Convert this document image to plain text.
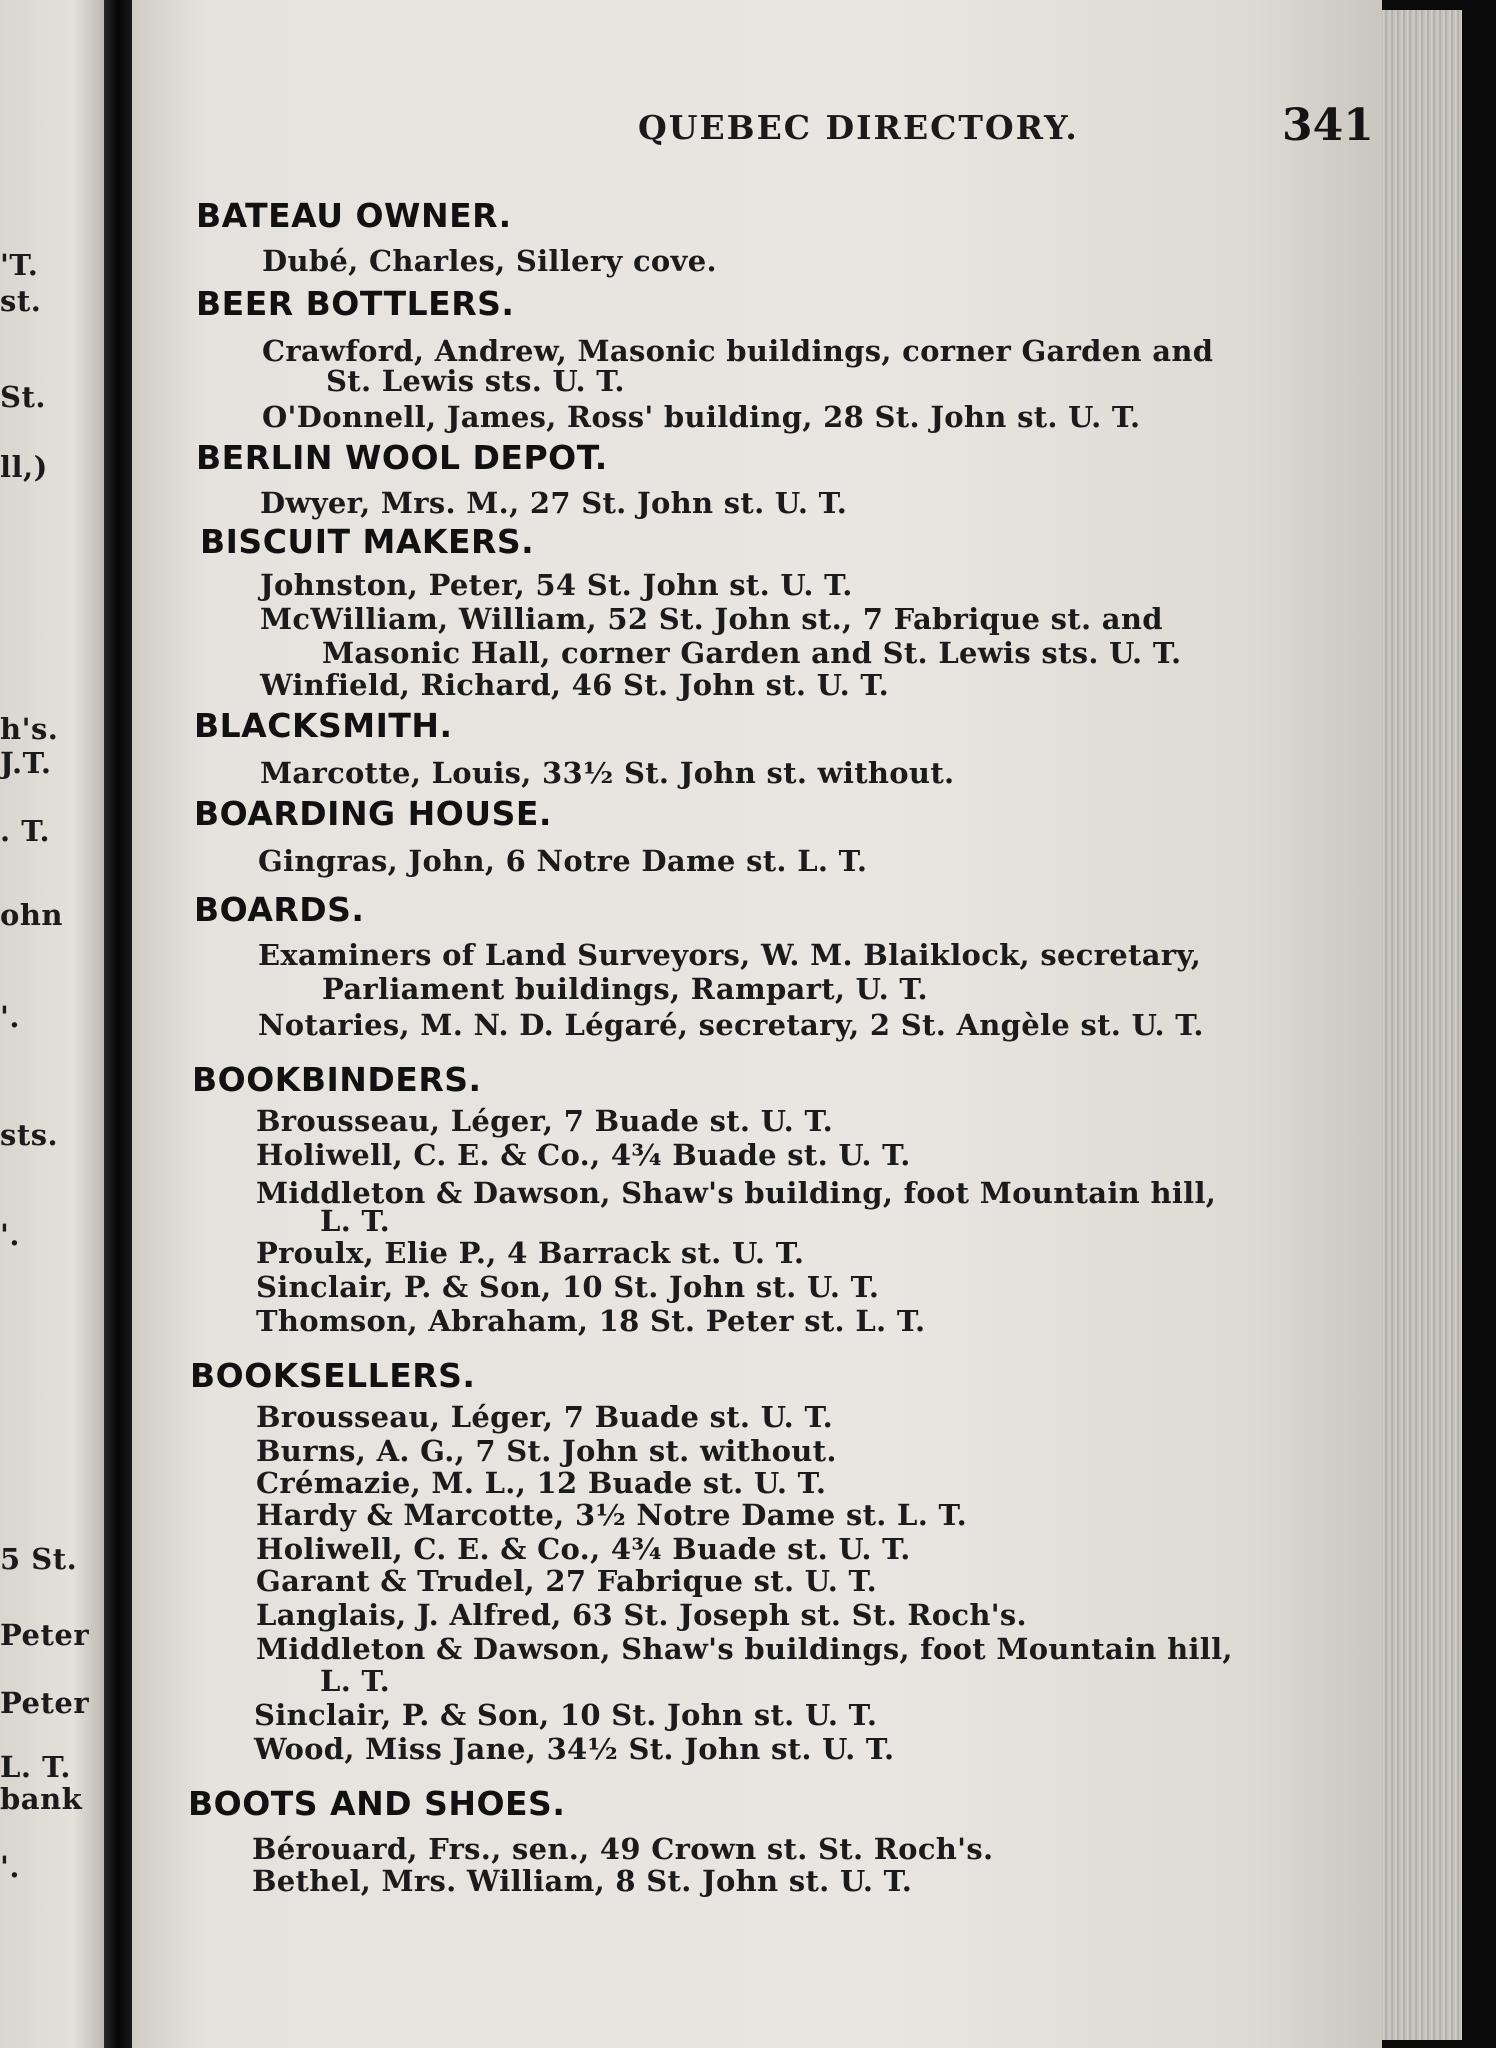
'T.
st.
St.
ll,)
h's.
J.T.
. T.
ohn
'.
sts.
'.
5 St.
Peter
Peter
L. T.
bank
'.
QUEBEC DIRECTORY.	341
BATEAU OWNER.
Dubé, Charles, Sillery cove.
BEER BOTTLERS.
Crawford, Andrew, Masonic buildings, corner Garden and
St. Lewis sts. U. T.
O'Donnell, James, Ross' building, 28 St. John st. U. T.
BERLIN WOOL DEPOT.
Dwyer, Mrs. M., 27 St. John st. U. T.
BISCUIT MAKERS.
Johnston, Peter, 54 St. John st. U. T.
McWilliam, William, 52 St. John st., 7 Fabrique st. and
Masonic Hall, corner Garden and St. Lewis sts. U. T.
Winfield, Richard, 46 St. John st. U. T.
BLACKSMITH.
Marcotte, Louis, 33½ St. John st. without.
BOARDING HOUSE.
Gingras, John, 6 Notre Dame st. L. T.
BOARDS.
Examiners of Land Surveyors, W. M. Blaiklock, secretary,
Parliament buildings, Rampart, U. T.
Notaries, M. N. D. Légaré, secretary, 2 St. Angèle st. U. T.
BOOKBINDERS.
Brousseau, Léger, 7 Buade st. U. T.
Holiwell, C. E. & Co., 4¾ Buade st. U. T.
Middleton & Dawson, Shaw's building, foot Mountain hill,
L. T.
Proulx, Elie P., 4 Barrack st. U. T.
Sinclair, P. & Son, 10 St. John st. U. T.
Thomson, Abraham, 18 St. Peter st. L. T.
BOOKSELLERS.
Brousseau, Léger, 7 Buade st. U. T.
Burns, A. G., 7 St. John st. without.
Crémazie, M. L., 12 Buade st. U. T.
Hardy & Marcotte, 3½ Notre Dame st. L. T.
Holiwell, C. E. & Co., 4¾ Buade st. U. T.
Garant & Trudel, 27 Fabrique st. U. T.
Langlais, J. Alfred, 63 St. Joseph st. St. Roch's.
Middleton & Dawson, Shaw's buildings, foot Mountain hill,
L. T.
Sinclair, P. & Son, 10 St. John st. U. T.
Wood, Miss Jane, 34½ St. John st. U. T.
BOOTS AND SHOES.
Bérouard, Frs., sen., 49 Crown st. St. Roch's.
Bethel, Mrs. William, 8 St. John st. U. T.
